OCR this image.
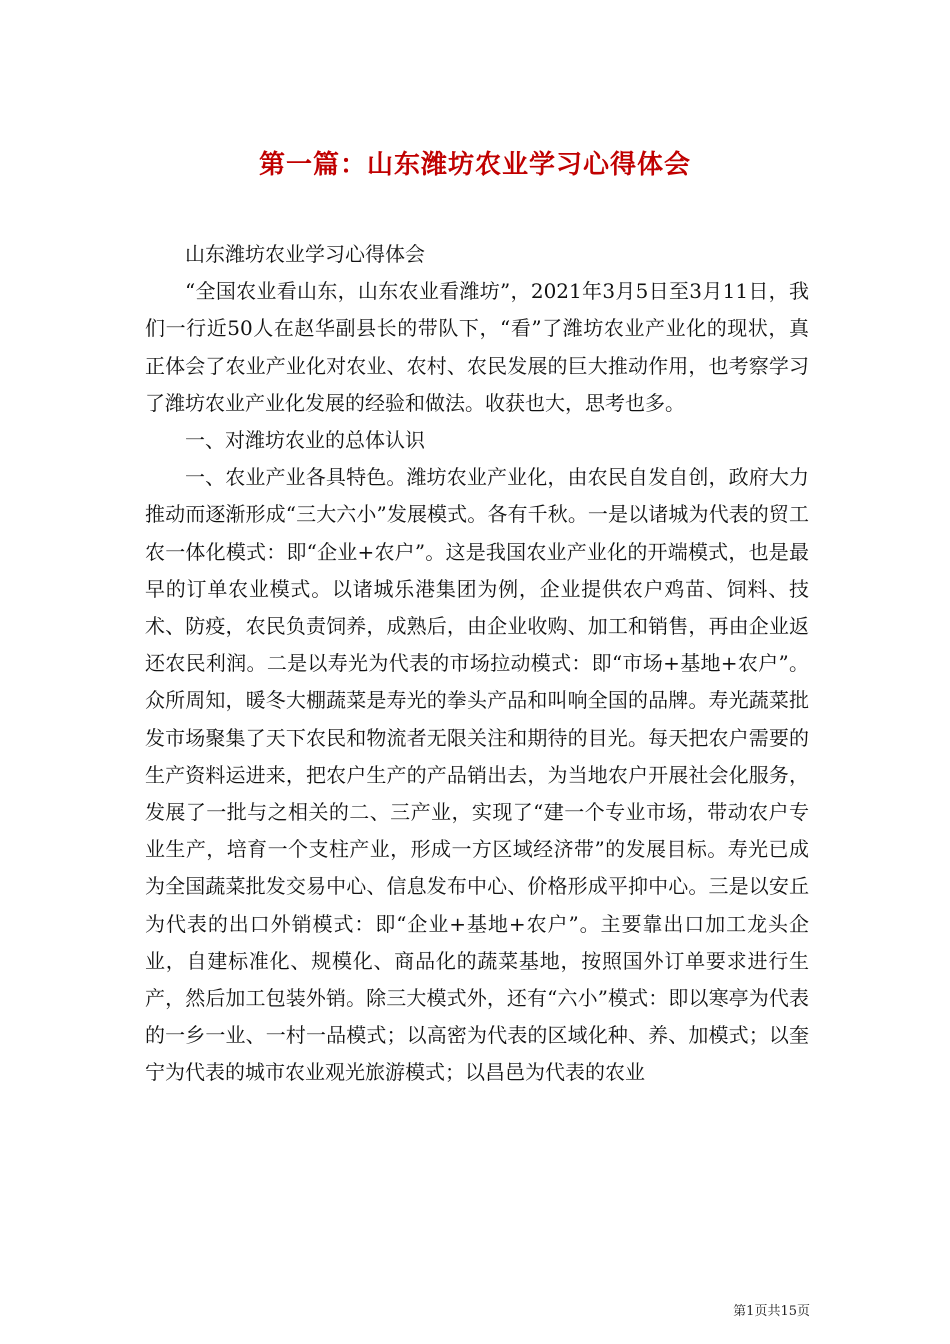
第一篇：山东潍坊农业学习心得体会

山东潍坊农业学习心得体会

“全国农业看山东，山东农业看潍坊”，2021年3月5日至3月11日，我们一行近50人在赵华副县长的带队下，“看”了潍坊农业产业化的现状，真正体会了农业产业化对农业、农村、农民发展的巨大推动作用，也考察学习了潍坊农业产业化发展的经验和做法。收获也大，思考也多。

一、对潍坊农业的总体认识

一、农业产业各具特色。潍坊农业产业化，由农民自发自创，政府大力推动而逐渐形成“三大六小”发展模式。各有千秋。一是以诸城为代表的贸工农一体化模式：即“企业+农户”。这是我国农业产业化的开端模式，也是最早的订单农业模式。以诸城乐港集团为例，企业提供农户鸡苗、饲料、技术、防疫，农民负责饲养，成熟后，由企业收购、加工和销售，再由企业返还农民利润。二是以寿光为代表的市场拉动模式：即“市场+基地+农户”。众所周知，暖冬大棚蔬菜是寿光的拳头产品和叫响全国的品牌。寿光蔬菜批发市场聚集了天下农民和物流者无限关注和期待的目光。每天把农户需要的生产资料运进来，把农户生产的产品销出去，为当地农户开展社会化服务，发展了一批与之相关的二、三产业，实现了“建一个专业市场，带动农户专业生产，培育一个支柱产业，形成一方区域经济带”的发展目标。寿光已成为全国蔬菜批发交易中心、信息发布中心、价格形成平抑中心。三是以安丘为代表的出口外销模式：即“企业+基地+农户”。主要靠出口加工龙头企业，自建标准化、规模化、商品化的蔬菜基地，按照国外订单要求进行生产，然后加工包装外销。除三大模式外，还有“六小”模式：即以寒亭为代表的一乡一业、一村一品模式；以高密为代表的区域化种、养、加模式；以奎宁为代表的城市农业观光旅游模式；以昌邑为代表的农业

第1页共15页
